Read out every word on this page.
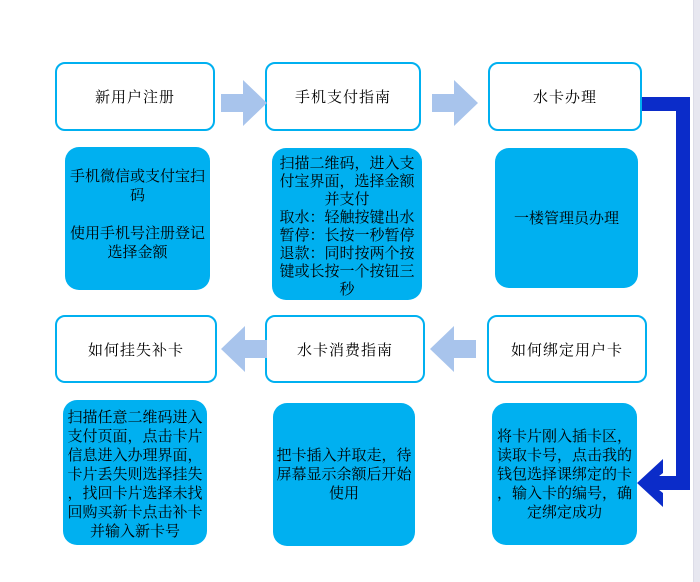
新用户注册	手机支付指南	水卡办理
手机微信或支付宝扫
码

使用手机号注册登记
选择金额
扫描二维码，进入支
付宝界面，选择金额
并支付
取水：轻触按键出水
暂停：长按一秒暂停
退款：同时按两个按
键或长按一个按钮三
秒
一楼管理员办理
如何挂失补卡	水卡消费指南	如何绑定用户卡
扫描任意二维码进入
支付页面，点击卡片
信息进入办理界面，
卡片丢失则选择挂失
，找回卡片选择未找
回购买新卡点击补卡
并输入新卡号
把卡插入并取走，待
屏幕显示余额后开始
使用
将卡片刚入插卡区，
读取卡号，点击我的
钱包选择课绑定的卡
，输入卡的编号，确
定绑定成功
